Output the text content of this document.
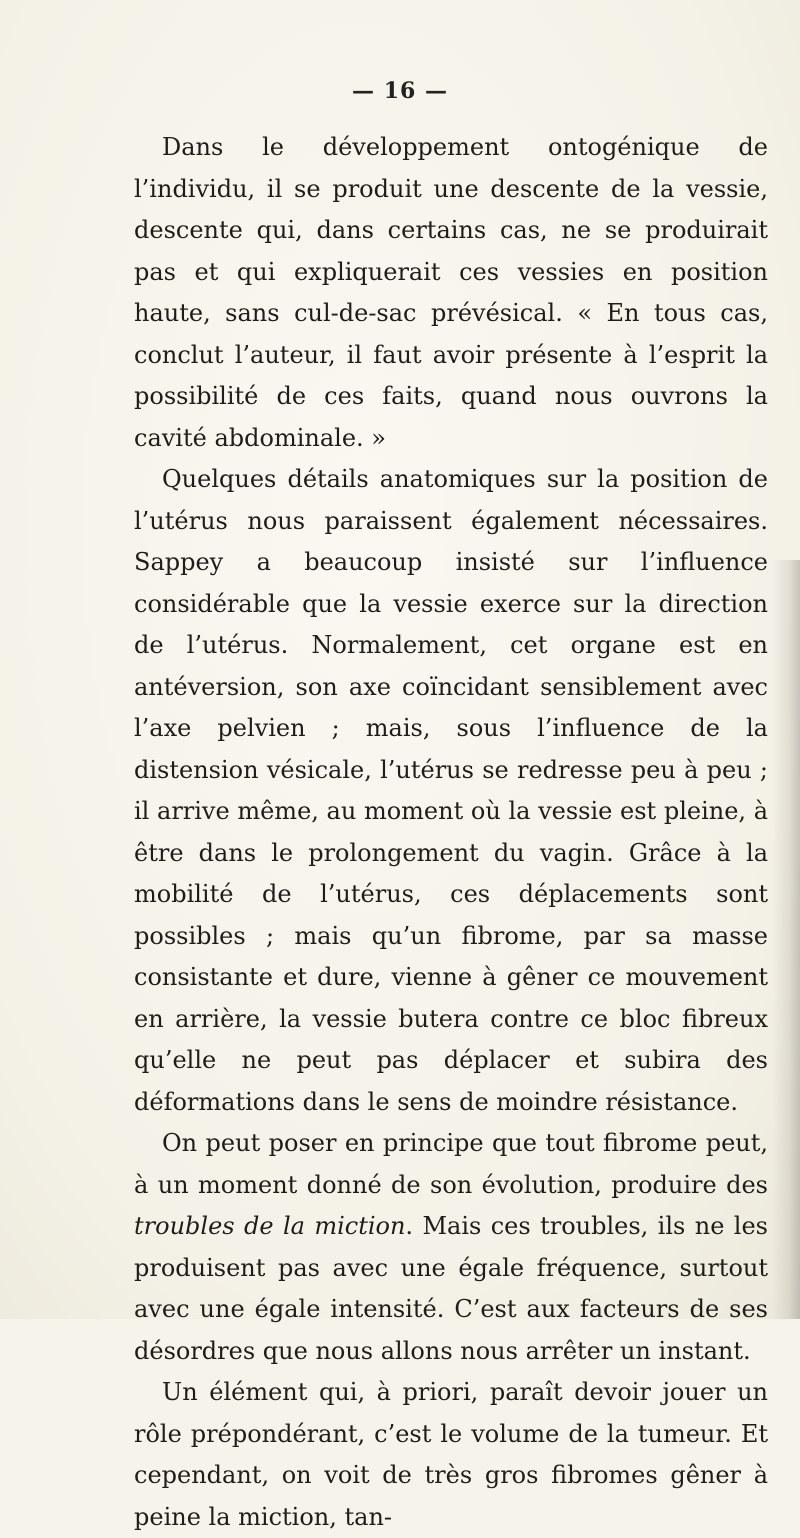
— 16 —

Dans le développement ontogénique de l’individu, il se produit une descente de la vessie, descente qui, dans certains cas, ne se produirait pas et qui expliquerait ces vessies en position haute, sans cul-de-sac prévésical. « En tous cas, conclut l’auteur, il faut avoir présente à l’esprit la possibilité de ces faits, quand nous ouvrons la cavité abdominale. »

Quelques détails anatomiques sur la position de l’utérus nous paraissent également nécessaires. Sappey a beaucoup insisté sur l’influence considérable que la vessie exerce sur la direction de l’utérus. Normalement, cet organe est en antéversion, son axe coïncidant sensiblement avec l’axe pelvien ; mais, sous l’influence de la distension vésicale, l’utérus se redresse peu à peu ; il arrive même, au moment où la vessie est pleine, à être dans le prolongement du vagin. Grâce à la mobilité de l’utérus, ces déplacements sont possibles ; mais qu’un fibrome, par sa masse consistante et dure, vienne à gêner ce mouvement en arrière, la vessie butera contre ce bloc fibreux qu’elle ne peut pas déplacer et subira des déformations dans le sens de moindre résistance.

On peut poser en principe que tout fibrome peut, à un moment donné de son évolution, produire des troubles de la miction. Mais ces troubles, ils ne les produisent pas avec une égale fréquence, surtout avec une égale intensité. C’est aux facteurs de ses désordres que nous allons nous arrêter un instant.

Un élément qui, à priori, paraît devoir jouer un rôle prépondérant, c’est le volume de la tumeur. Et cependant, on voit de très gros fibromes gêner à peine la miction, tan-
